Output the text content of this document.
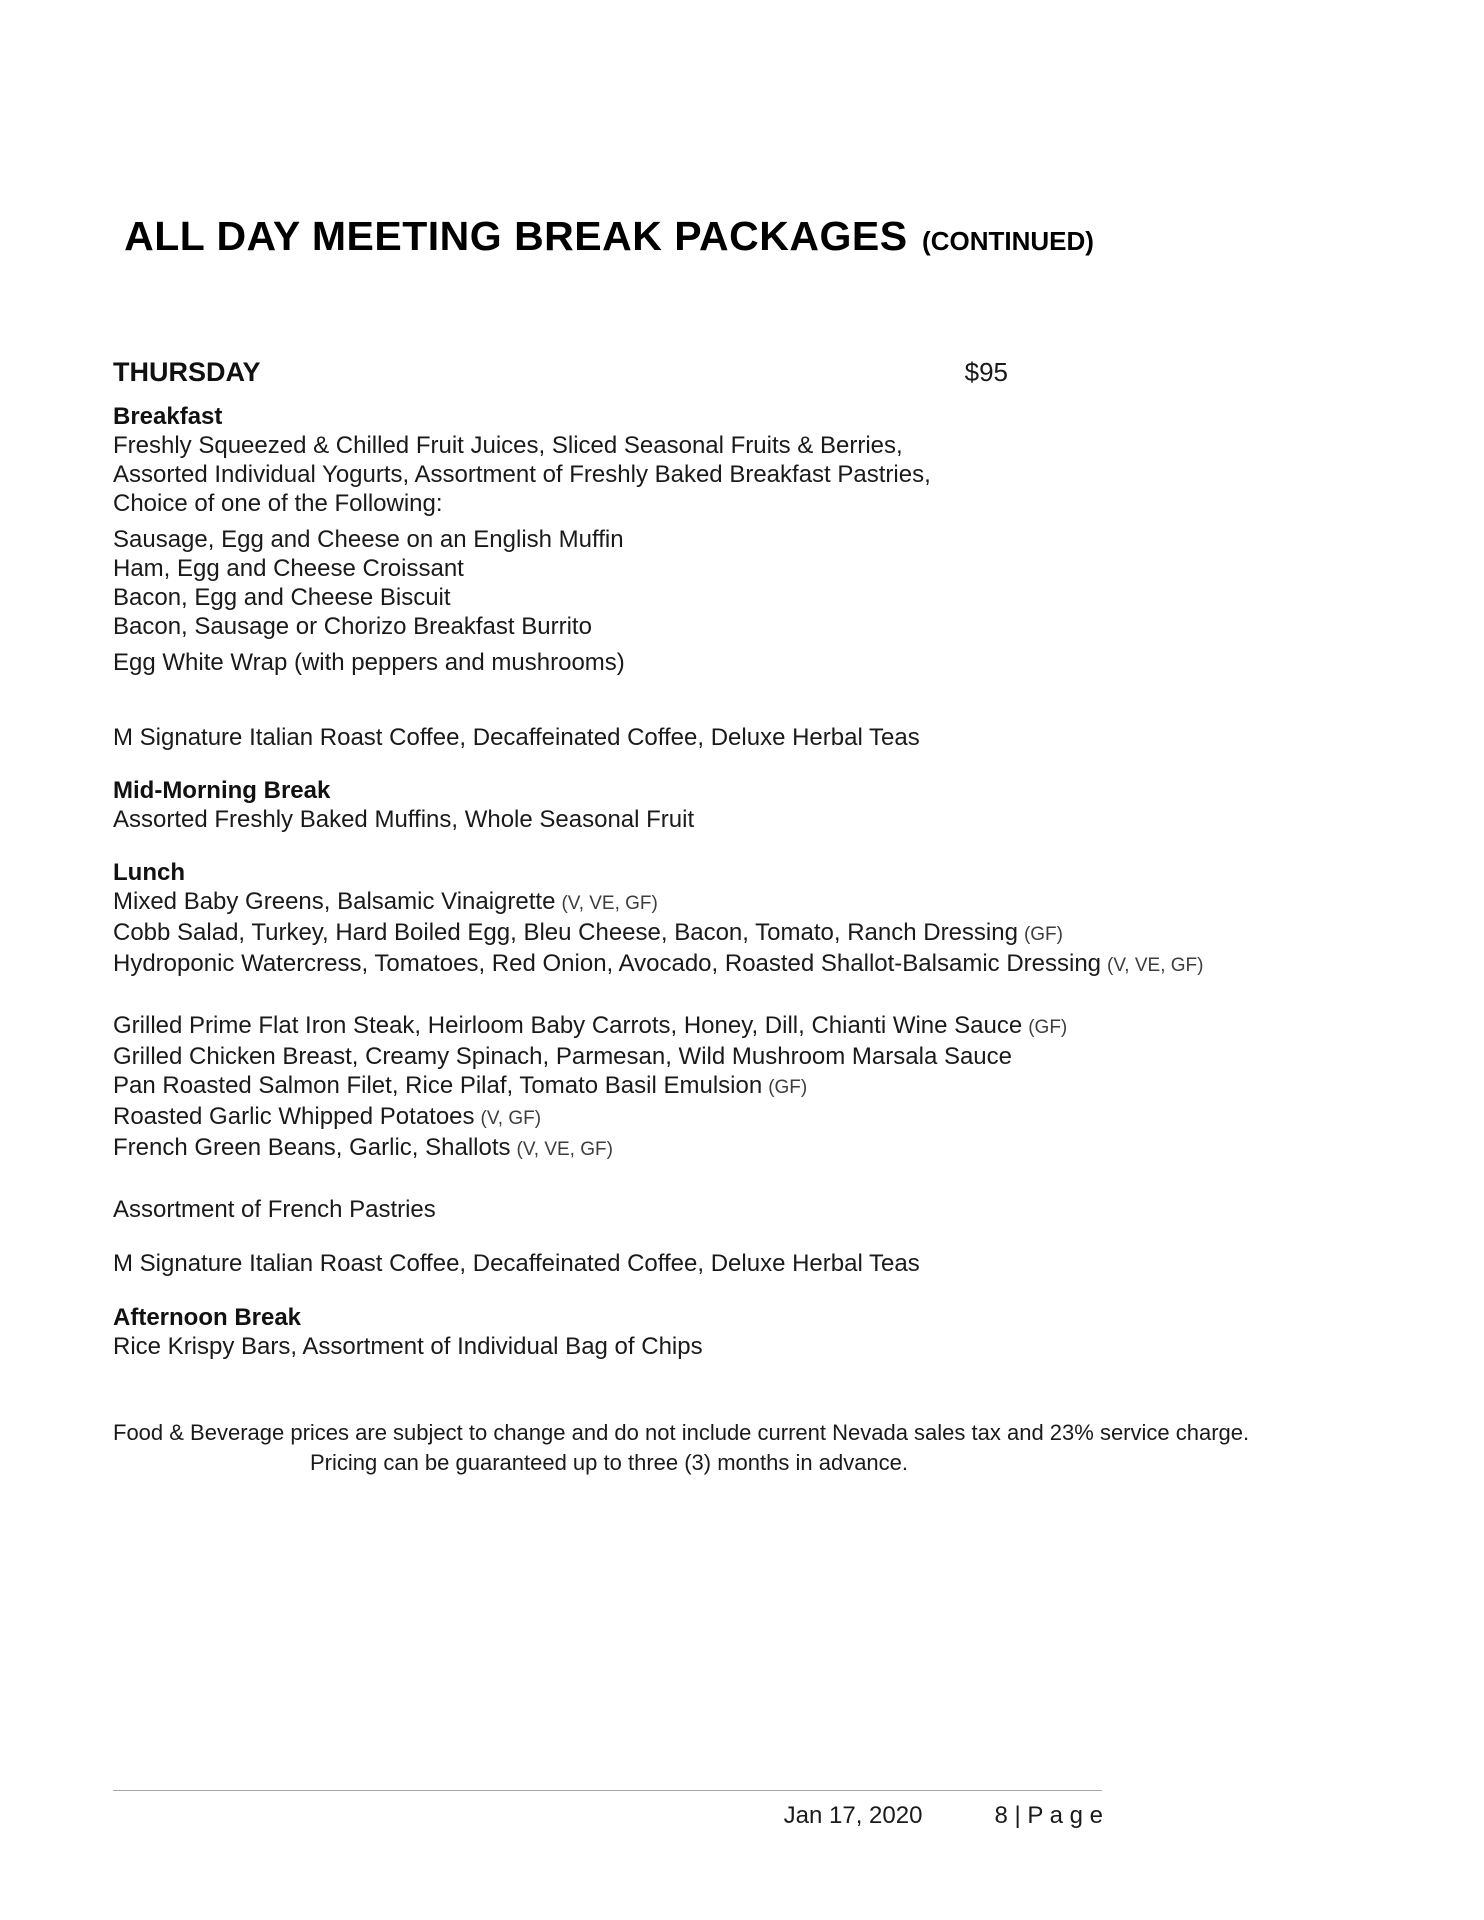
ALL DAY MEETING BREAK PACKAGES (CONTINUED)
THURSDAY	$95
Breakfast
Freshly Squeezed & Chilled Fruit Juices, Sliced Seasonal Fruits & Berries,
Assorted Individual Yogurts, Assortment of Freshly Baked Breakfast Pastries,
Choice of one of the Following:
Sausage, Egg and Cheese on an English Muffin
Ham, Egg and Cheese Croissant
Bacon, Egg and Cheese Biscuit
Bacon, Sausage or Chorizo Breakfast Burrito
Egg White Wrap (with peppers and mushrooms)
M Signature Italian Roast Coffee, Decaffeinated Coffee, Deluxe Herbal Teas
Mid-Morning Break
Assorted Freshly Baked Muffins, Whole Seasonal Fruit
Lunch
Mixed Baby Greens, Balsamic Vinaigrette (V, VE, GF)
Cobb Salad, Turkey, Hard Boiled Egg, Bleu Cheese, Bacon, Tomato, Ranch Dressing (GF)
Hydroponic Watercress, Tomatoes, Red Onion, Avocado, Roasted Shallot-Balsamic Dressing (V, VE, GF)
Grilled Prime Flat Iron Steak, Heirloom Baby Carrots, Honey, Dill, Chianti Wine Sauce (GF)
Grilled Chicken Breast, Creamy Spinach, Parmesan, Wild Mushroom Marsala Sauce
Pan Roasted Salmon Filet, Rice Pilaf, Tomato Basil Emulsion (GF)
Roasted Garlic Whipped Potatoes (V, GF)
French Green Beans, Garlic, Shallots (V, VE, GF)
Assortment of French Pastries
M Signature Italian Roast Coffee, Decaffeinated Coffee, Deluxe Herbal Teas
Afternoon Break
Rice Krispy Bars, Assortment of Individual Bag of Chips
Food & Beverage prices are subject to change and do not include current Nevada sales tax and 23% service charge.
Pricing can be guaranteed up to three (3) months in advance.
Jan 17, 2020	8 | P a g e
